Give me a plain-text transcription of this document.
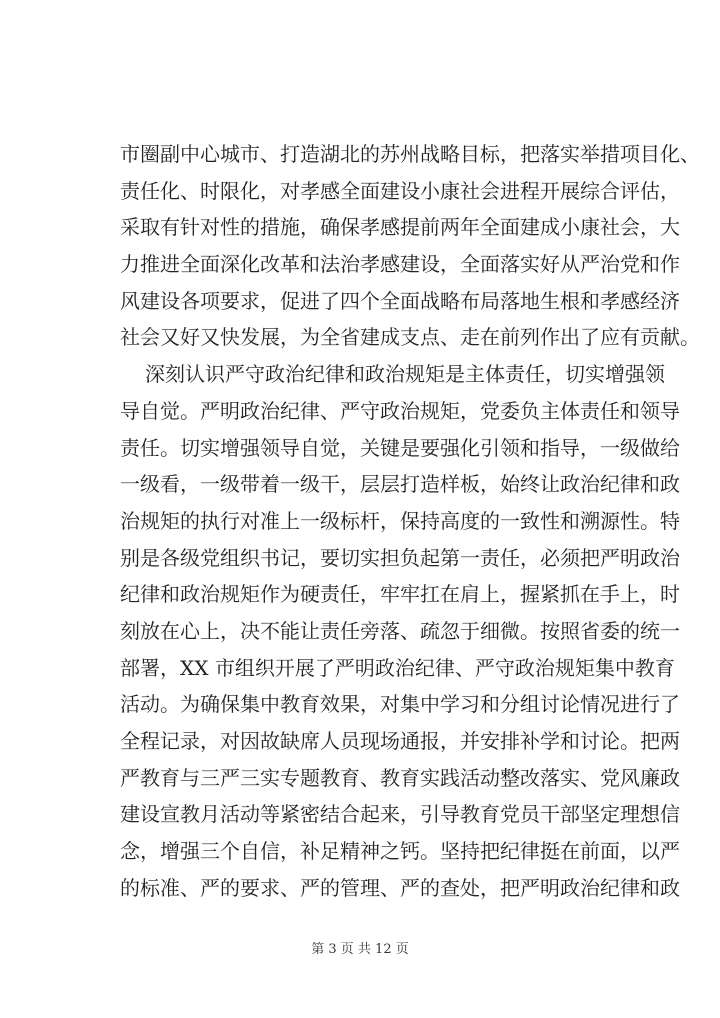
市圈副中心城市、打造湖北的苏州战略目标，把落实举措项目化、
责任化、时限化，对孝感全面建设小康社会进程开展综合评估，
采取有针对性的措施，确保孝感提前两年全面建成小康社会，大
力推进全面深化改革和法治孝感建设，全面落实好从严治党和作
风建设各项要求，促进了四个全面战略布局落地生根和孝感经济
社会又好又快发展，为全省建成支点、走在前列作出了应有贡献。
深刻认识严守政治纪律和政治规矩是主体责任，切实增强领
导自觉。严明政治纪律、严守政治规矩，党委负主体责任和领导
责任。切实增强领导自觉，关键是要强化引领和指导，一级做给
一级看，一级带着一级干，层层打造样板，始终让政治纪律和政
治规矩的执行对准上一级标杆，保持高度的一致性和溯源性。特
别是各级党组织书记，要切实担负起第一责任，必须把严明政治
纪律和政治规矩作为硬责任，牢牢扛在肩上，握紧抓在手上，时
刻放在心上，决不能让责任旁落、疏忽于细微。按照省委的统一
部署，XX 市组织开展了严明政治纪律、严守政治规矩集中教育
活动。为确保集中教育效果，对集中学习和分组讨论情况进行了
全程记录，对因故缺席人员现场通报，并安排补学和讨论。把两
严教育与三严三实专题教育、教育实践活动整改落实、党风廉政
建设宣教月活动等紧密结合起来，引导教育党员干部坚定理想信
念，增强三个自信，补足精神之钙。坚持把纪律挺在前面，以严
的标准、严的要求、严的管理、严的查处，把严明政治纪律和政
第 3 页 共 12 页
